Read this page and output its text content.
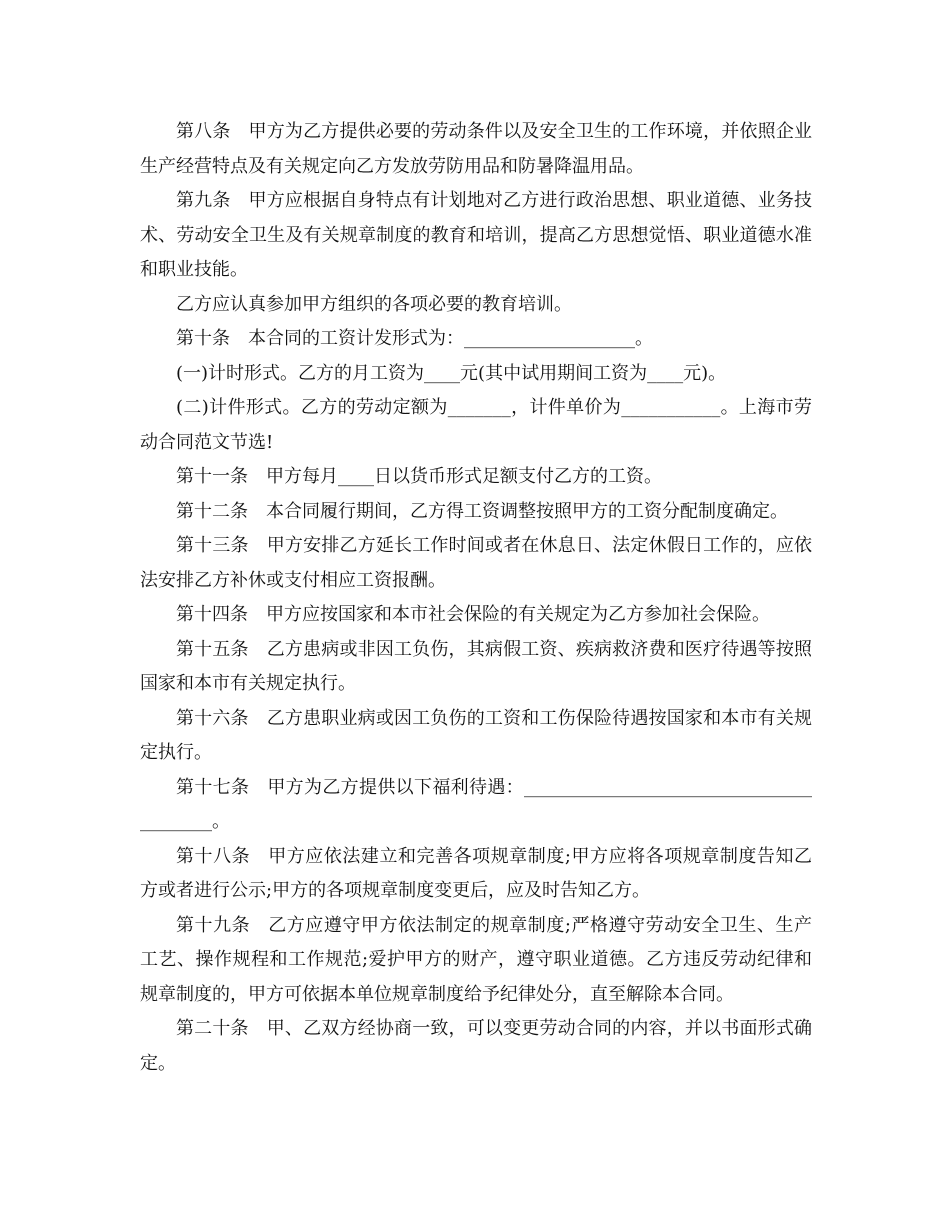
第八条 甲方为乙方提供必要的劳动条件以及安全卫生的工作环境，并依照企业生产经营特点及有关规定向乙方发放劳防用品和防暑降温用品。

第九条 甲方应根据自身特点有计划地对乙方进行政治思想、职业道德、业务技术、劳动安全卫生及有关规章制度的教育和培训，提高乙方思想觉悟、职业道德水准和职业技能。

乙方应认真参加甲方组织的各项必要的教育培训。

第十条 本合同的工资计发形式为：___________________。

(一)计时形式。乙方的月工资为____元(其中试用期间工资为____元)。

(二)计件形式。乙方的劳动定额为_______，计件单价为___________。上海市劳动合同范文节选!

第十一条 甲方每月____日以货币形式足额支付乙方的工资。

第十二条 本合同履行期间，乙方得工资调整按照甲方的工资分配制度确定。

第十三条 甲方安排乙方延长工作时间或者在休息日、法定休假日工作的，应依法安排乙方补休或支付相应工资报酬。

第十四条 甲方应按国家和本市社会保险的有关规定为乙方参加社会保险。

第十五条 乙方患病或非因工负伤，其病假工资、疾病救济费和医疗待遇等按照国家和本市有关规定执行。

第十六条 乙方患职业病或因工负伤的工资和工伤保险待遇按国家和本市有关规定执行。

第十七条 甲方为乙方提供以下福利待遇：________________________________________。

第十八条 甲方应依法建立和完善各项规章制度;甲方应将各项规章制度告知乙方或者进行公示;甲方的各项规章制度变更后，应及时告知乙方。

第十九条 乙方应遵守甲方依法制定的规章制度;严格遵守劳动安全卫生、生产工艺、操作规程和工作规范;爱护甲方的财产，遵守职业道德。乙方违反劳动纪律和规章制度的，甲方可依据本单位规章制度给予纪律处分，直至解除本合同。

第二十条 甲、乙双方经协商一致，可以变更劳动合同的内容，并以书面形式确定。
